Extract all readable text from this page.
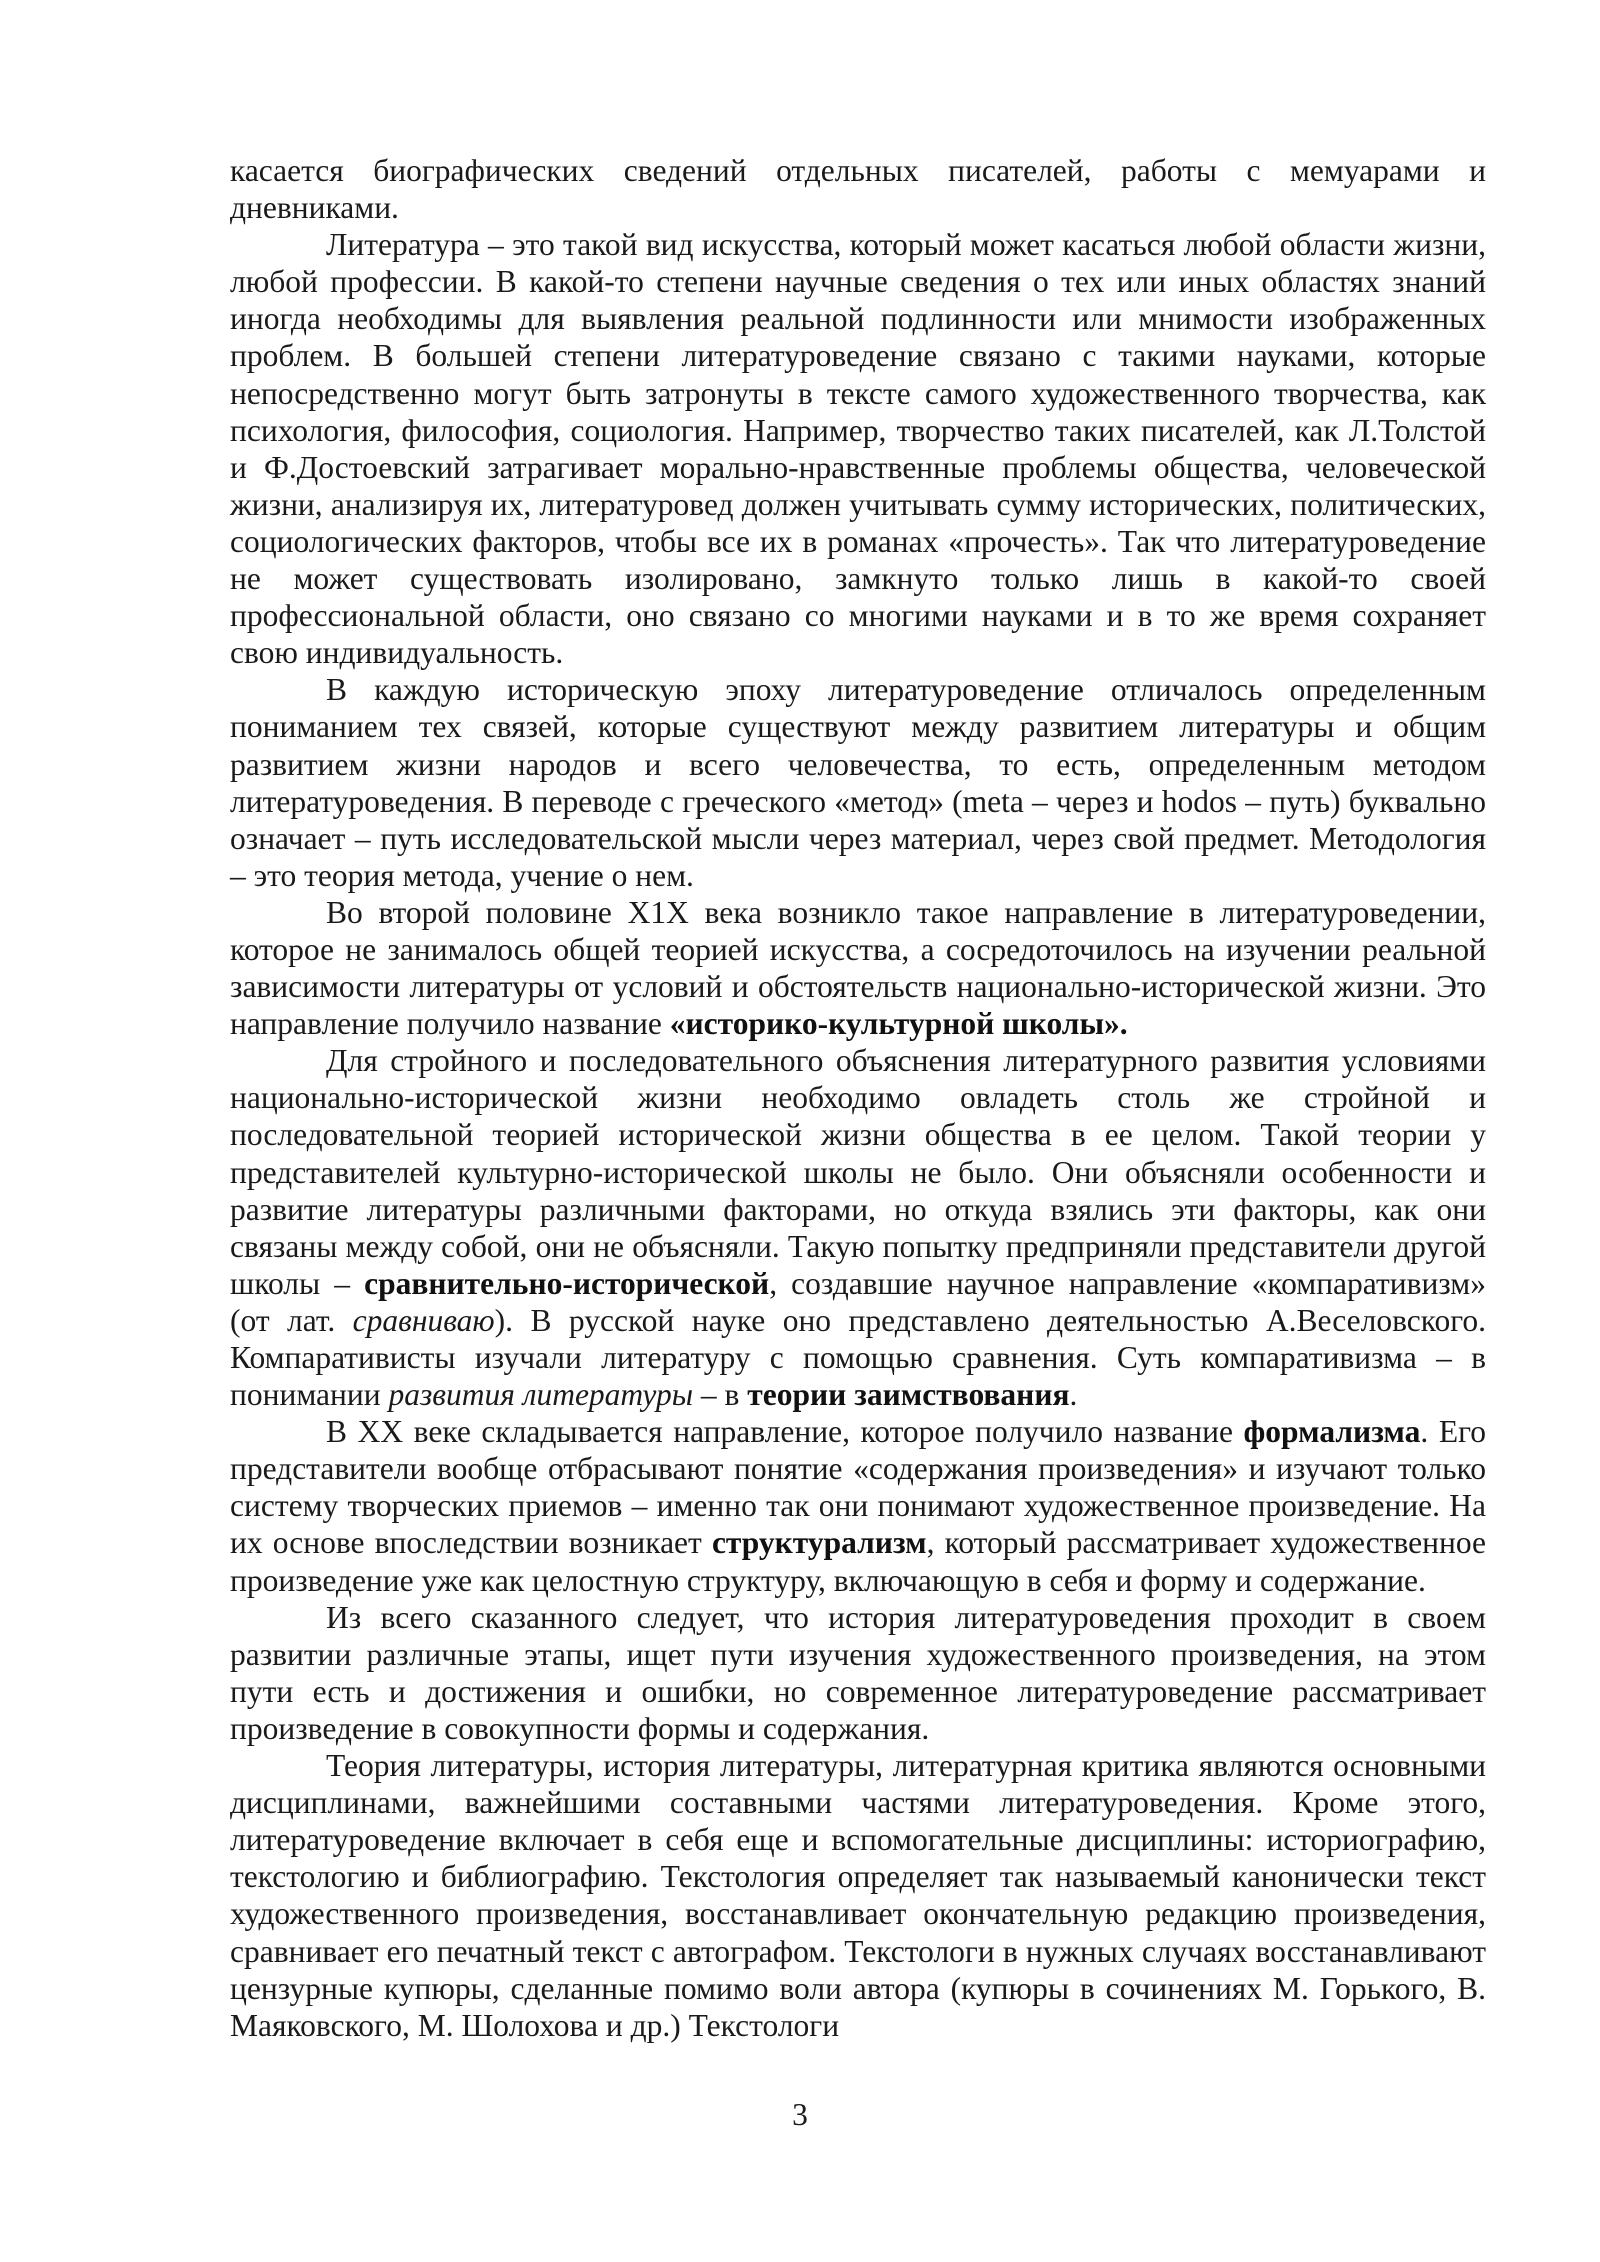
касается биографических сведений отдельных писателей, работы с мемуарами и дневниками.

Литература – это такой вид искусства, который может касаться любой области жизни, любой профессии. В какой-то степени научные сведения о тех или иных областях знаний иногда необходимы для выявления реальной подлинности или мнимости изображенных проблем. В большей степени литературоведение связано с такими науками, которые непосредственно могут быть затронуты в тексте самого художественного творчества, как психология, философия, социология. Например, творчество таких писателей, как Л.Толстой и Ф.Достоевский затрагивает морально-нравственные проблемы общества, человеческой жизни, анализируя их, литературовед должен учитывать сумму исторических, политических, социологических факторов, чтобы все их в романах «прочесть». Так что литературоведение не может существовать изолировано, замкнуто только лишь в какой-то своей профессиональной области, оно связано со многими науками и в то же время сохраняет свою индивидуальность.

В каждую историческую эпоху литературоведение отличалось определенным пониманием тех связей, которые существуют между развитием литературы и общим развитием жизни народов и всего человечества, то есть, определенным методом литературоведения. В переводе с греческого «метод» (meta – через и hodos – путь) буквально означает – путь исследовательской мысли через материал, через свой предмет. Методология – это теория метода, учение о нем.

Во второй половине Х1Х века возникло такое направление в литературоведении, которое не занималось общей теорией искусства, а сосредоточилось на изучении реальной зависимости литературы от условий и обстоятельств национально-исторической жизни. Это направление получило название «историко-культурной школы».

Для стройного и последовательного объяснения литературного развития условиями национально-исторической жизни необходимо овладеть столь же стройной и последовательной теорией исторической жизни общества в ее целом. Такой теории у представителей культурно-исторической школы не было. Они объясняли особенности и развитие литературы различными факторами, но откуда взялись эти факторы, как они связаны между собой, они не объясняли. Такую попытку предприняли представители другой школы – сравнительно-исторической, создавшие научное направление «компаративизм» (от лат. сравниваю). В русской науке оно представлено деятельностью А.Веселовского. Компаративисты изучали литературу с помощью сравнения. Суть компаративизма – в понимании развития литературы – в теории заимствования.

В ХХ веке складывается направление, которое получило название формализма. Его представители вообще отбрасывают понятие «содержания произведения» и изучают только систему творческих приемов – именно так они понимают художественное произведение. На их основе впоследствии возникает структурализм, который рассматривает художественное произведение уже как целостную структуру, включающую в себя и форму и содержание.

Из всего сказанного следует, что история литературоведения проходит в своем развитии различные этапы, ищет пути изучения художественного произведения, на этом пути есть и достижения и ошибки, но современное литературоведение рассматривает произведение в совокупности формы и содержания.

Теория литературы, история литературы, литературная критика являются основными дисциплинами, важнейшими составными частями литературоведения. Кроме этого, литературоведение включает в себя еще и вспомогательные дисциплины: историографию, текстологию и библиографию. Текстология определяет так называемый канонически текст художественного произведения, восстанавливает окончательную редакцию произведения, сравнивает его печатный текст с автографом. Текстологи в нужных случаях восстанавливают цензурные купюры, сделанные помимо воли автора (купюры в сочинениях М. Горького, В. Маяковского, М. Шолохова и др.) Текстологи

3
